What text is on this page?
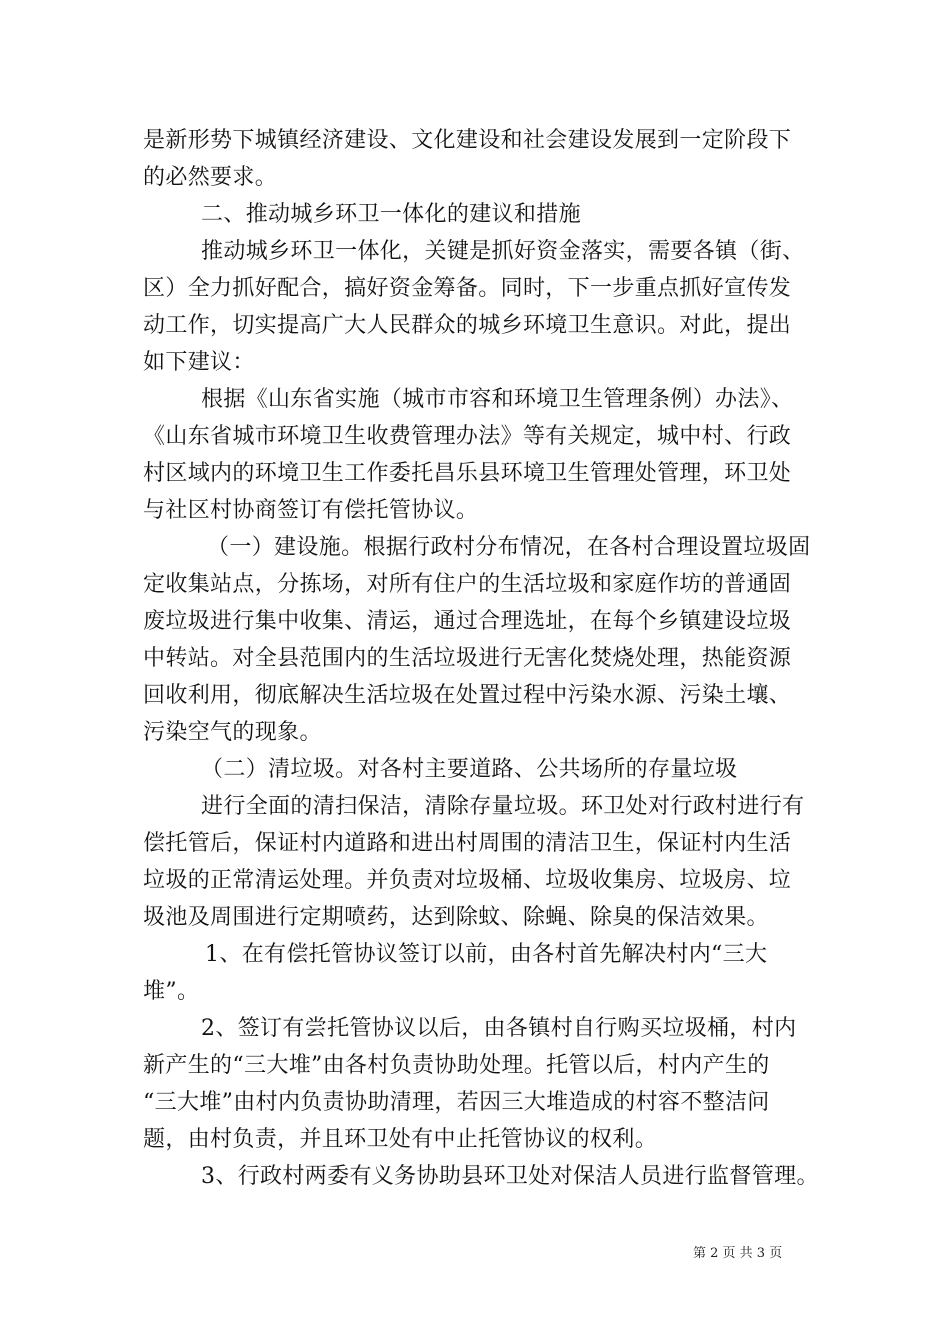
是新形势下城镇经济建设、文化建设和社会建设发展到一定阶段下
的必然要求。
二、推动城乡环卫一体化的建议和措施
推动城乡环卫一体化，关键是抓好资金落实，需要各镇（街、
区）全力抓好配合，搞好资金筹备。同时，下一步重点抓好宣传发
动工作，切实提高广大人民群众的城乡环境卫生意识。对此，提出
如下建议：
根据《山东省实施（城市市容和环境卫生管理条例）办法》、
《山东省城市环境卫生收费管理办法》等有关规定，城中村、行政
村区域内的环境卫生工作委托昌乐县环境卫生管理处管理，环卫处
与社区村协商签订有偿托管协议。
（一）建设施。根据行政村分布情况，在各村合理设置垃圾固
定收集站点，分拣场，对所有住户的生活垃圾和家庭作坊的普通固
废垃圾进行集中收集、清运，通过合理选址，在每个乡镇建设垃圾
中转站。对全县范围内的生活垃圾进行无害化焚烧处理，热能资源
回收利用，彻底解决生活垃圾在处置过程中污染水源、污染土壤、
污染空气的现象。
（二）清垃圾。对各村主要道路、公共场所的存量垃圾
进行全面的清扫保洁，清除存量垃圾。环卫处对行政村进行有
偿托管后，保证村内道路和进出村周围的清洁卫生，保证村内生活
垃圾的正常清运处理。并负责对垃圾桶、垃圾收集房、垃圾房、垃
圾池及周围进行定期喷药，达到除蚊、除蝇、除臭的保洁效果。
1、在有偿托管协议签订以前，由各村首先解决村内“三大
堆”。
2、签订有尝托管协议以后，由各镇村自行购买垃圾桶，村内
新产生的“三大堆”由各村负责协助处理。托管以后，村内产生的
“三大堆”由村内负责协助清理，若因三大堆造成的村容不整洁问
题，由村负责，并且环卫处有中止托管协议的权利。
3、行政村两委有义务协助县环卫处对保洁人员进行监督管理。
第 2 页 共 3 页
